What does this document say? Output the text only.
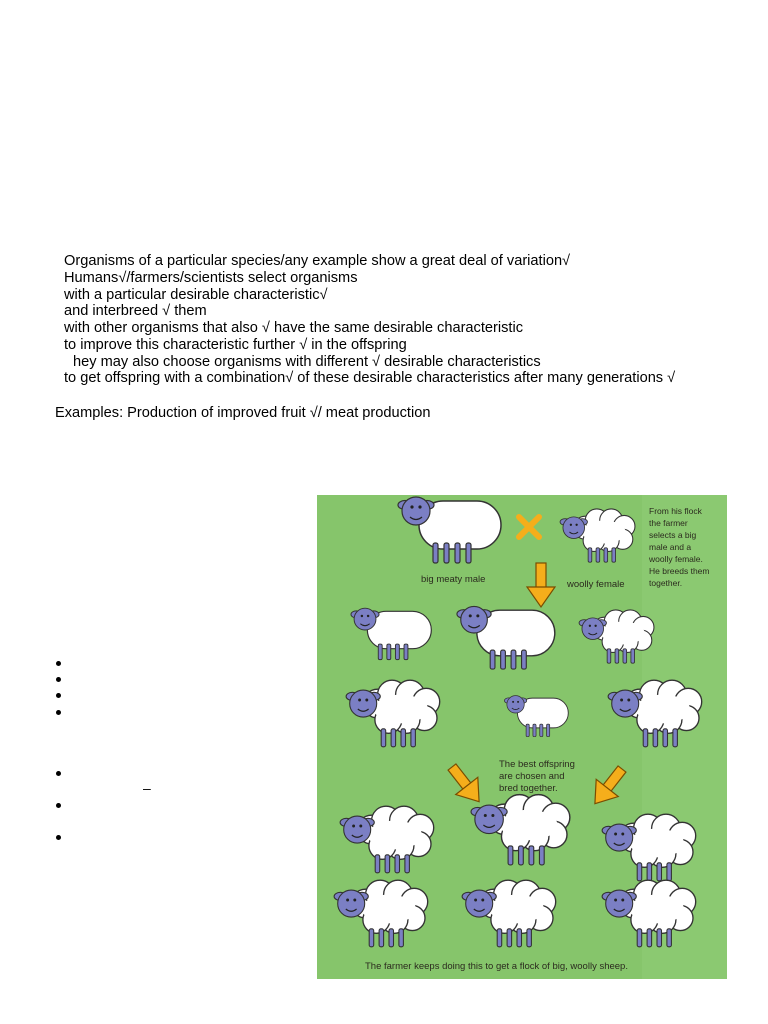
Organisms of a particular species/any example show a great deal of variation√
Humans√/farmers/scientists select organisms
with a particular desirable characteristic√
and interbreed √ them
with other organisms that also √ have the same desirable characteristic
to improve this characteristic further √ in the offspring
hey may also choose organisms with different √ desirable characteristics
to get offspring with a combination√ of these desirable characteristics after many generations √
Examples: Production of improved fruit √/ meat production
–
big meaty male	woolly female
From his flock
the farmer
selects a big
male and a
woolly female.
He breeds them
together.
The best offspring
are chosen and
bred together.
The farmer keeps doing this to get a flock of big, woolly sheep.
